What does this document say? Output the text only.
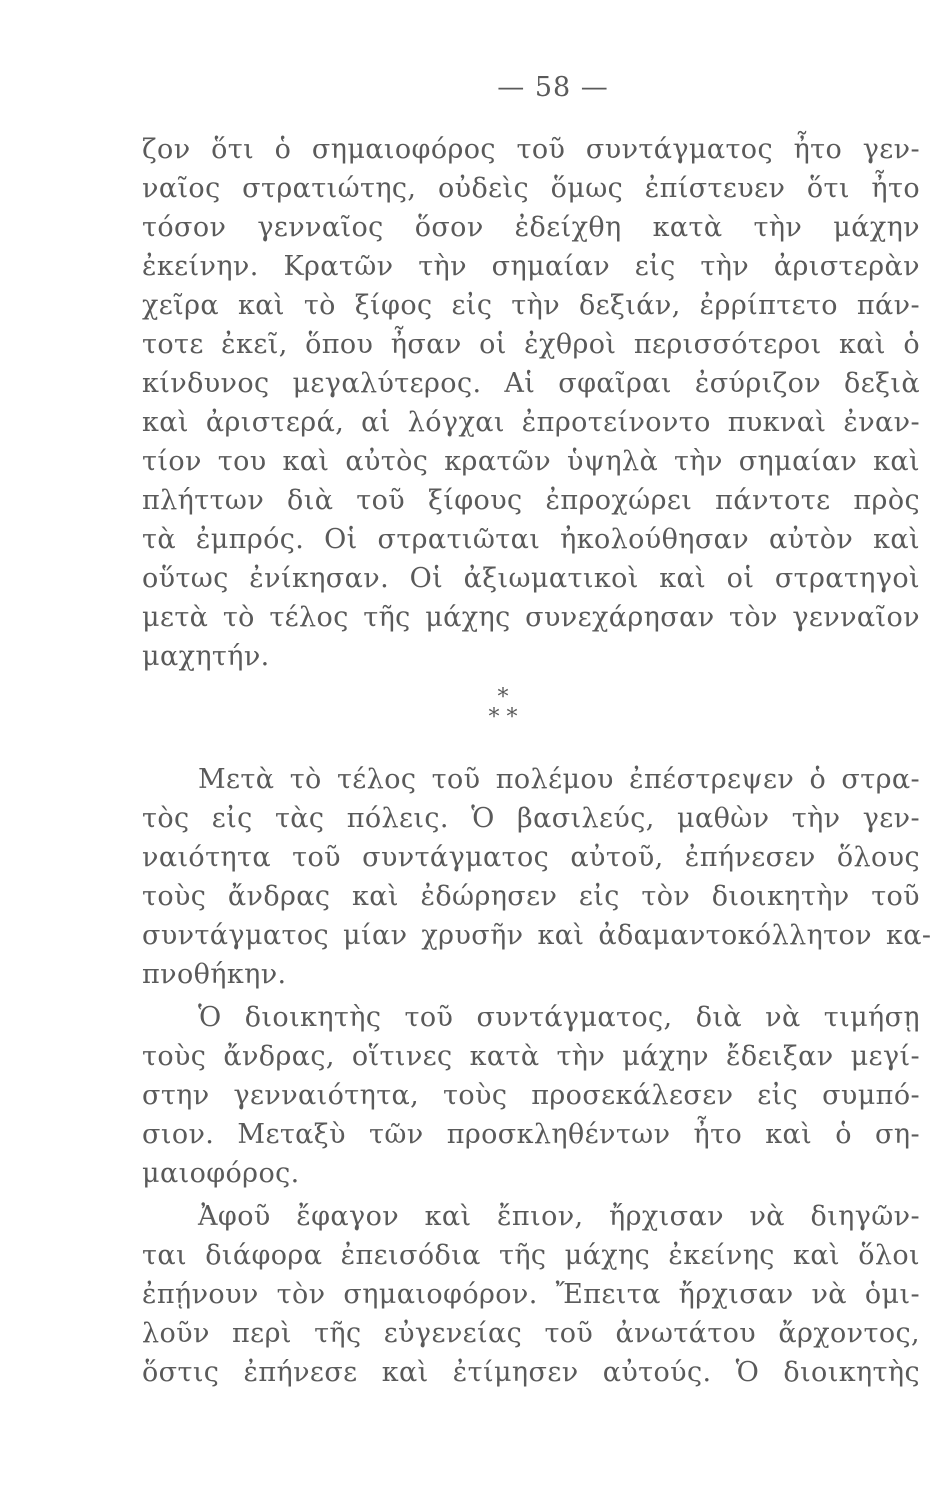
— 58 —
ζον ὅτι ὁ σημαιοφόρος τοῦ συντάγματος ἦτο γεν-
ναῖος στρατιώτης, οὐδεὶς ὅμως ἐπίστευεν ὅτι ἦτο
τόσον γενναῖος ὅσον ἐδείχθη κατὰ τὴν μάχην
ἐκείνην. Κρατῶν τὴν σημαίαν εἰς τὴν ἀριστερὰν
χεῖρα καὶ τὸ ξίφος εἰς τὴν δεξιάν, ἐρρίπτετο πάν-
τοτε ἐκεῖ, ὅπου ἦσαν οἱ ἐχθροὶ περισσότεροι καὶ ὁ
κίνδυνος μεγαλύτερος. Αἱ σφαῖραι ἐσύριζον δεξιὰ
καὶ ἀριστερά, αἱ λόγχαι ἐπροτείνοντο πυκναὶ ἐναν-
τίον του καὶ αὐτὸς κρατῶν ὑψηλὰ τὴν σημαίαν καὶ
πλήττων διὰ τοῦ ξίφους ἐπροχώρει πάντοτε πρὸς
τὰ ἐμπρός. Οἱ στρατιῶται ἠκολούθησαν αὐτὸν καὶ
οὕτως ἐνίκησαν. Οἱ ἀξιωματικοὶ καὶ οἱ στρατηγοὶ
μετὰ τὸ τέλος τῆς μάχης συνεχάρησαν τὸν γενναῖον
μαχητήν.
*
* *
Μετὰ τὸ τέλος τοῦ πολέμου ἐπέστρεψεν ὁ στρα-
τὸς εἰς τὰς πόλεις. Ὁ βασιλεύς, μαθὼν τὴν γεν-
ναιότητα τοῦ συντάγματος αὐτοῦ, ἐπήνεσεν ὅλους
τοὺς ἄνδρας καὶ ἐδώρησεν εἰς τὸν διοικητὴν τοῦ
συντάγματος μίαν χρυσῆν καὶ ἀδαμαντοκόλλητον κα-
πνοθήκην.
Ὁ διοικητὴς τοῦ συντάγματος, διὰ νὰ τιμήσῃ
τοὺς ἄνδρας, οἵτινες κατὰ τὴν μάχην ἔδειξαν μεγί-
στην γενναιότητα, τοὺς προσεκάλεσεν εἰς συμπό-
σιον. Μεταξὺ τῶν προσκληθέντων ἦτο καὶ ὁ ση-
μαιοφόρος.
Ἀφοῦ ἔφαγον καὶ ἔπιον, ἤρχισαν νὰ διηγῶν-
ται διάφορα ἐπεισόδια τῆς μάχης ἐκείνης καὶ ὅλοι
ἐπῄνουν τὸν σημαιοφόρον. Ἔπειτα ἤρχισαν νὰ ὁμι-
λοῦν περὶ τῆς εὐγενείας τοῦ ἀνωτάτου ἄρχοντος,
ὅστις ἐπήνεσε καὶ ἐτίμησεν αὐτούς. Ὁ διοικητὴς
